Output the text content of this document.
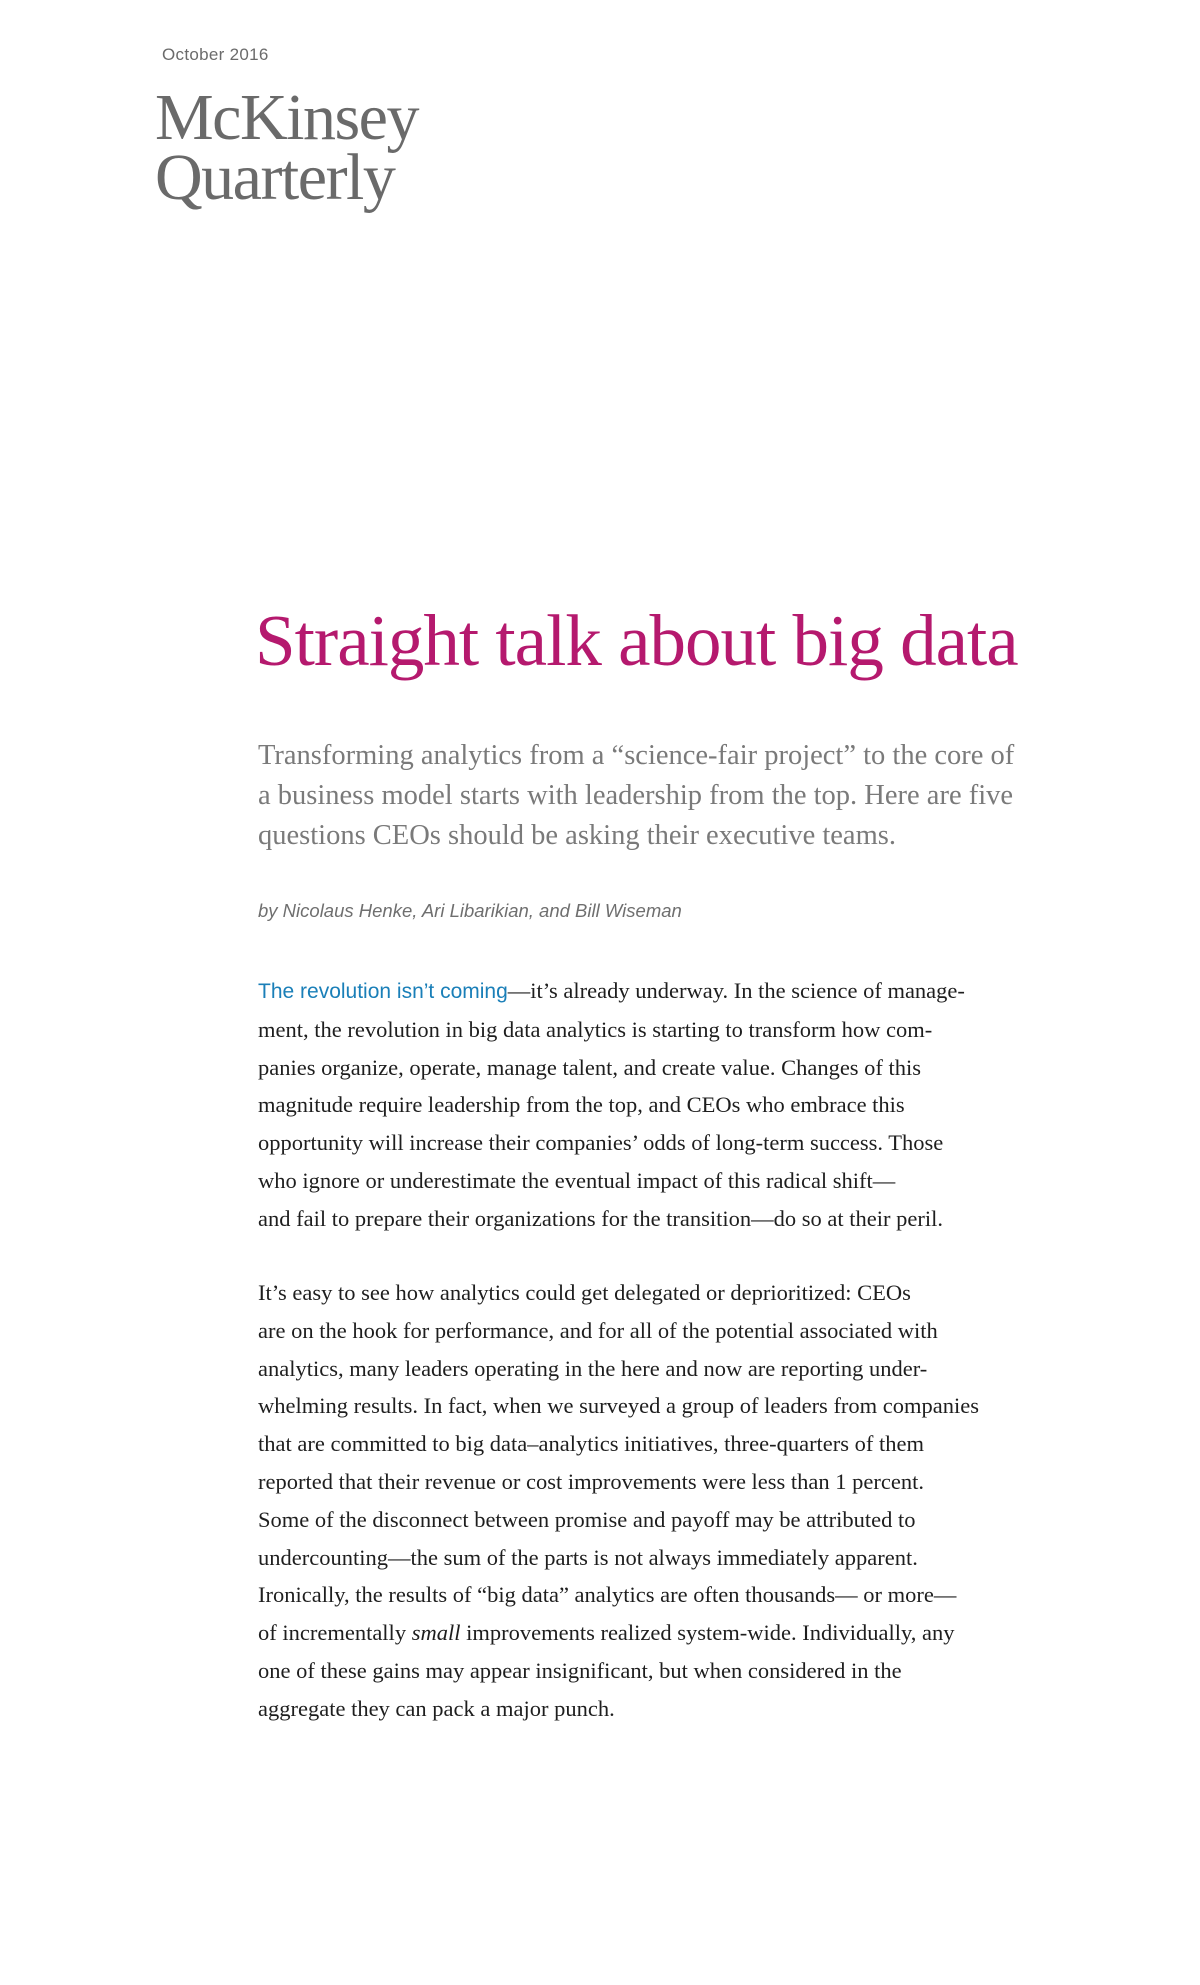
October 2016
McKinsey
Quarterly
Straight talk about big data
Transforming analytics from a “science-fair project” to the core of
a business model starts with leadership from the top. Here are five
questions CEOs should be asking their executive teams.
by Nicolaus Henke, Ari Libarikian, and Bill Wiseman
The revolution isn’t coming—it’s already underway. In the science of manage-
ment, the revolution in big data analytics is starting to transform how com-
panies organize, operate, manage talent, and create value. Changes of this
magnitude require leadership from the top, and CEOs who embrace this
opportunity will increase their companies’ odds of long-term success. Those
who ignore or underestimate the eventual impact of this radical shift—
and fail to prepare their organizations for the transition—do so at their peril.
It’s easy to see how analytics could get delegated or deprioritized: CEOs
are on the hook for performance, and for all of the potential associated with
analytics, many leaders operating in the here and now are reporting under-
whelming results. In fact, when we surveyed a group of leaders from companies
that are committed to big data–analytics initiatives, three-quarters of them
reported that their revenue or cost improvements were less than 1 percent.
Some of the disconnect between promise and payoff may be attributed to
undercounting—the sum of the parts is not always immediately apparent.
Ironically, the results of “big data” analytics are often thousands— or more—
of incrementally small improvements realized system-wide. Individually, any
one of these gains may appear insignificant, but when considered in the
aggregate they can pack a major punch.
